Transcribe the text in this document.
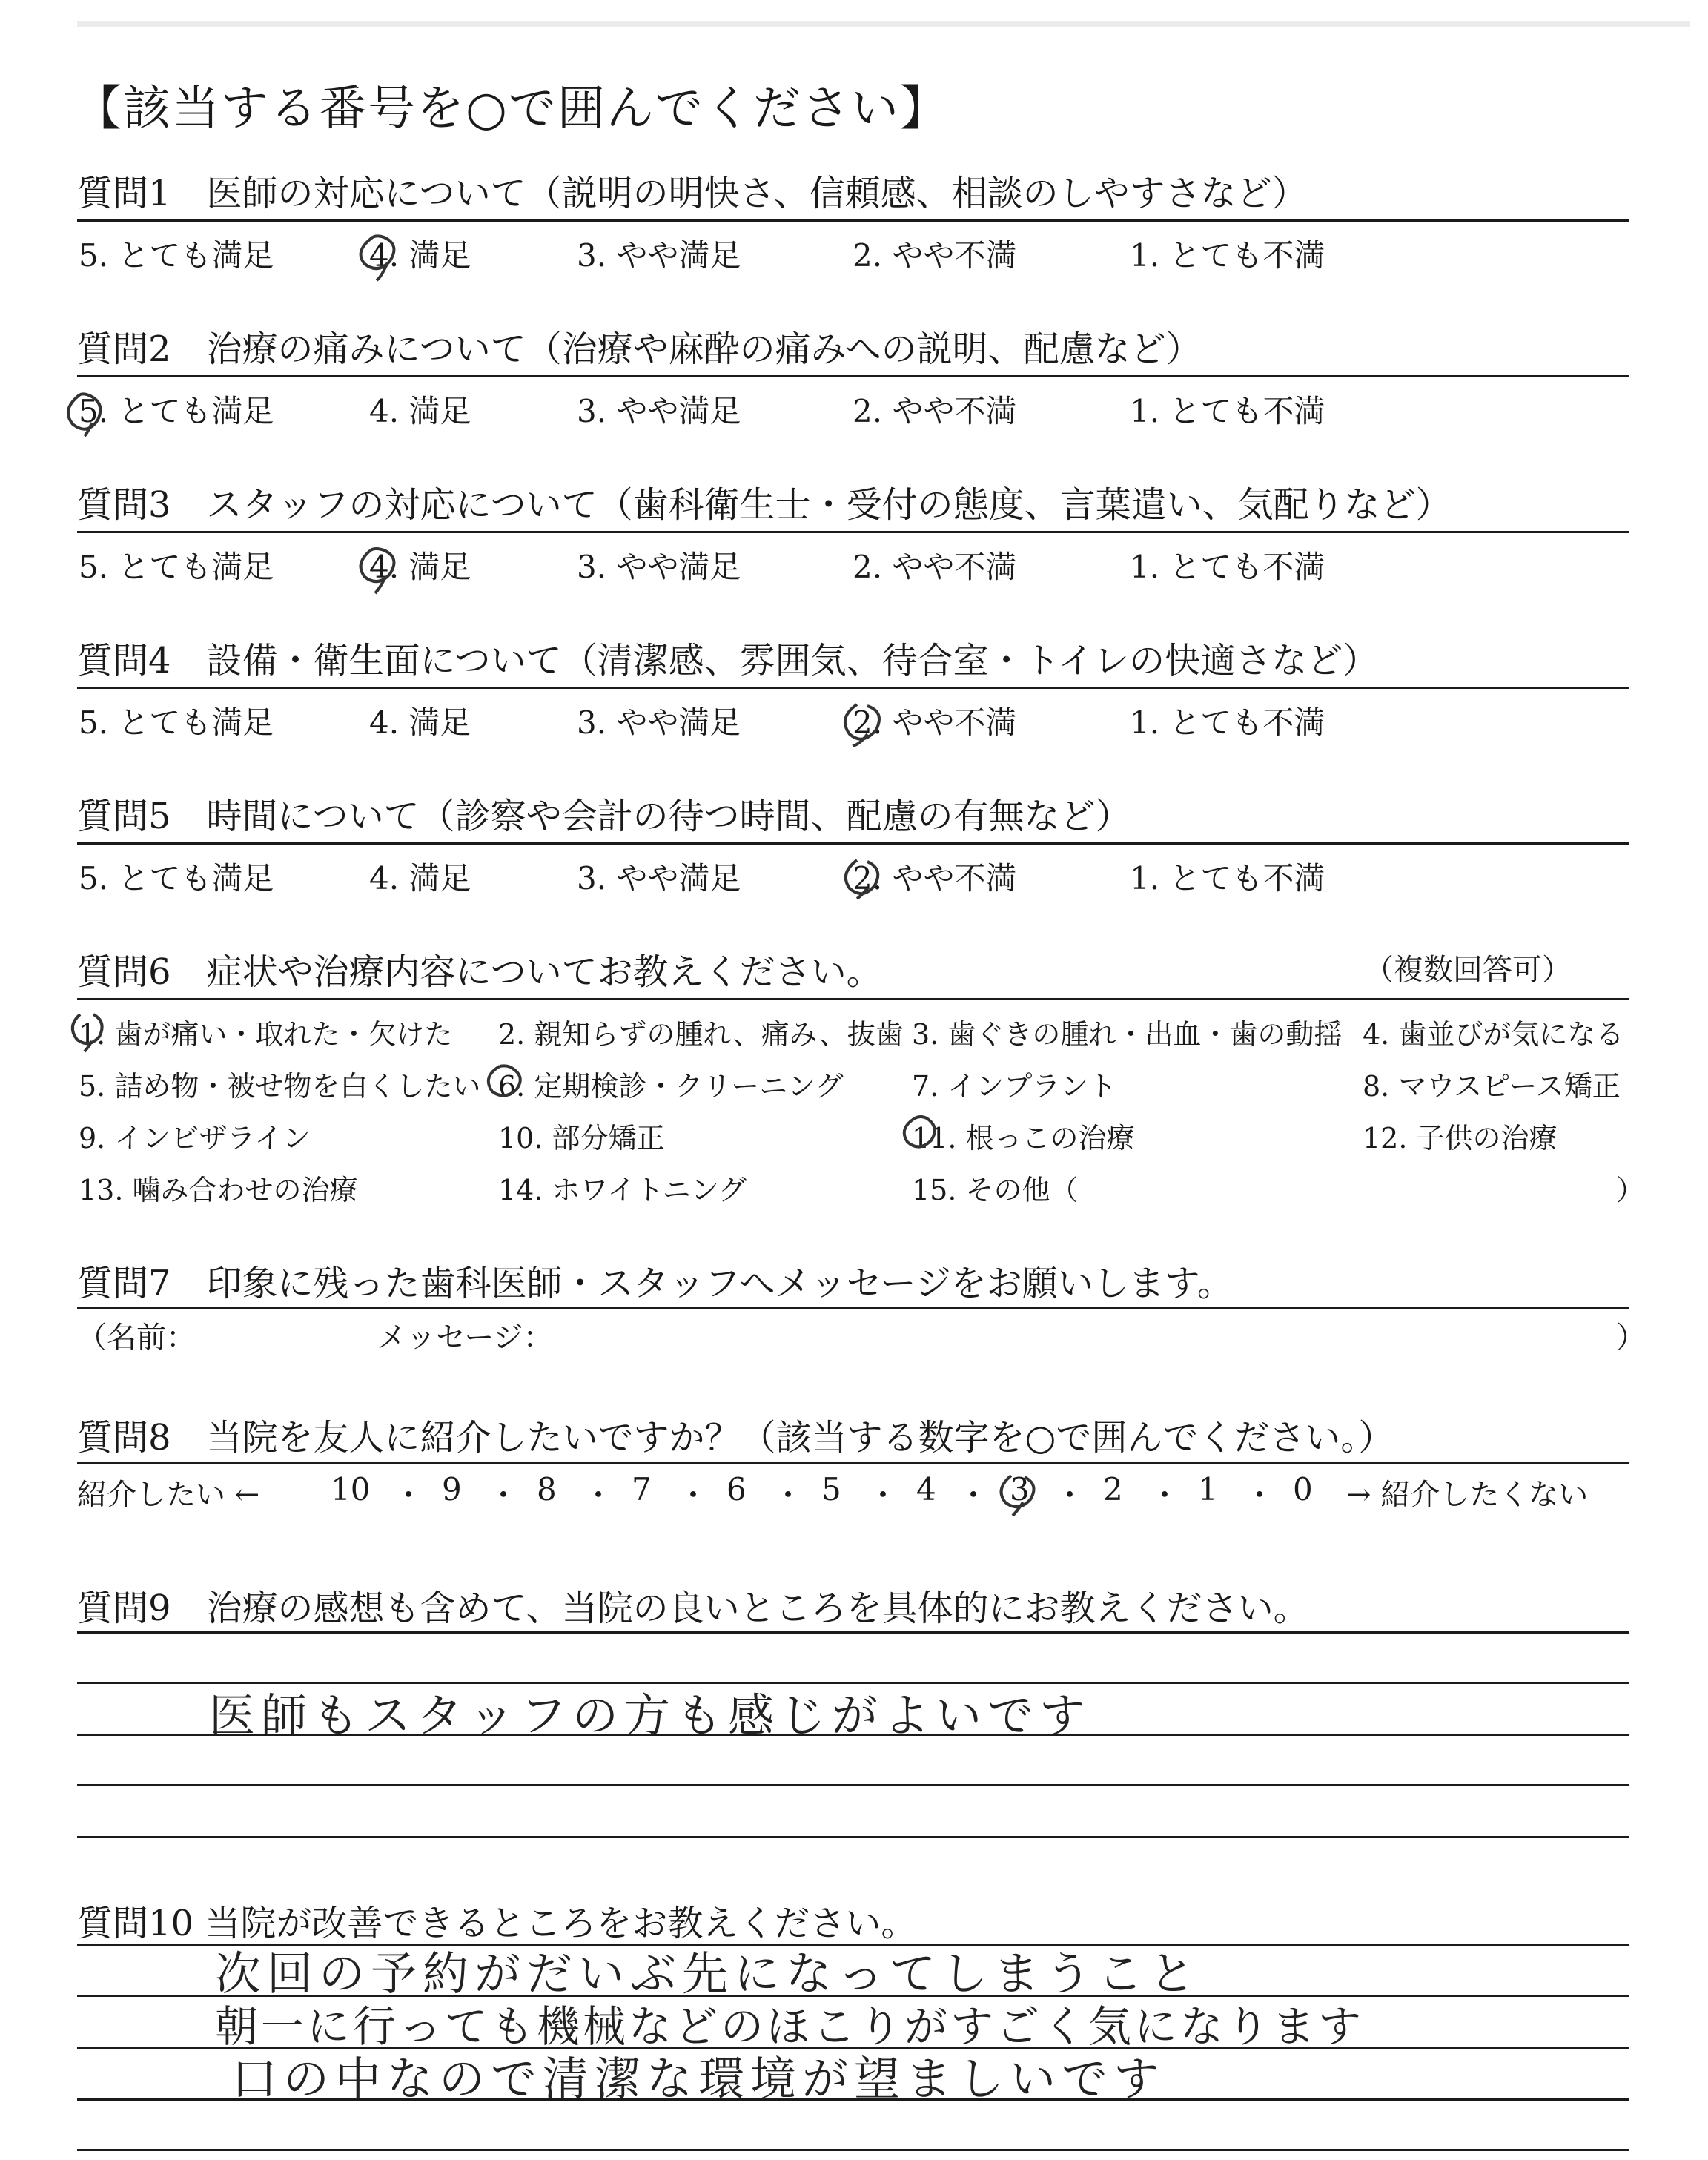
【該当する番号を○で囲んでください】
質問1　医師の対応について（説明の明快さ、信頼感、相談のしやすさなど）
5. とても満足	4. 満足	3. やや満足	2. やや不満	1. とても不満
質問2　治療の痛みについて（治療や麻酔の痛みへの説明、配慮など）
5. とても満足	4. 満足	3. やや満足	2. やや不満	1. とても不満
質問3　スタッフの対応について（歯科衛生士・受付の態度、言葉遣い、気配りなど）
5. とても満足	4. 満足	3. やや満足	2. やや不満	1. とても不満
質問4　設備・衛生面について（清潔感、雰囲気、待合室・トイレの快適さなど）
5. とても満足	4. 満足	3. やや満足	2. やや不満	1. とても不満
質問5　時間について（診察や会計の待つ時間、配慮の有無など）
5. とても満足	4. 満足	3. やや満足	2. やや不満	1. とても不満
質問6　症状や治療内容についてお教えください。	（複数回答可）
1. 歯が痛い・取れた・欠けた 2. 親知らずの腫れ、痛み、抜歯 3. 歯ぐきの腫れ・出血・歯の動揺 4. 歯並びが気になる
5. 詰め物・被せ物を白くしたい 6. 定期検診・クリーニング 7. インプラント	8. マウスピース矯正
9. インビザライン	10. 部分矯正	11. 根っこの治療	12. 子供の治療
13. 噛み合わせの治療	14. ホワイトニング	15. その他（	）
質問7　印象に残った歯科医師・スタッフへメッセージをお願いします。
（名前：	メッセージ：	）
質問8　当院を友人に紹介したいですか？（該当する数字を○で囲んでください。）
紹介したい ←	→ 紹介したくない
10 ・ 9 ・ 8 ・ 7 ・ 6 ・ 5 ・ 4 ・ 3 ・ 2 ・ 1 ・ 0
質問9　治療の感想も含めて、当院の良いところを具体的にお教えください。
医師もスタッフの方も感じがよいです
質問10 当院が改善できるところをお教えください。
次回の予約がだいぶ先になってしまうこと
朝一に行っても機械などのほこりがすごく気になります
口の中なので清潔な環境が望ましいです
